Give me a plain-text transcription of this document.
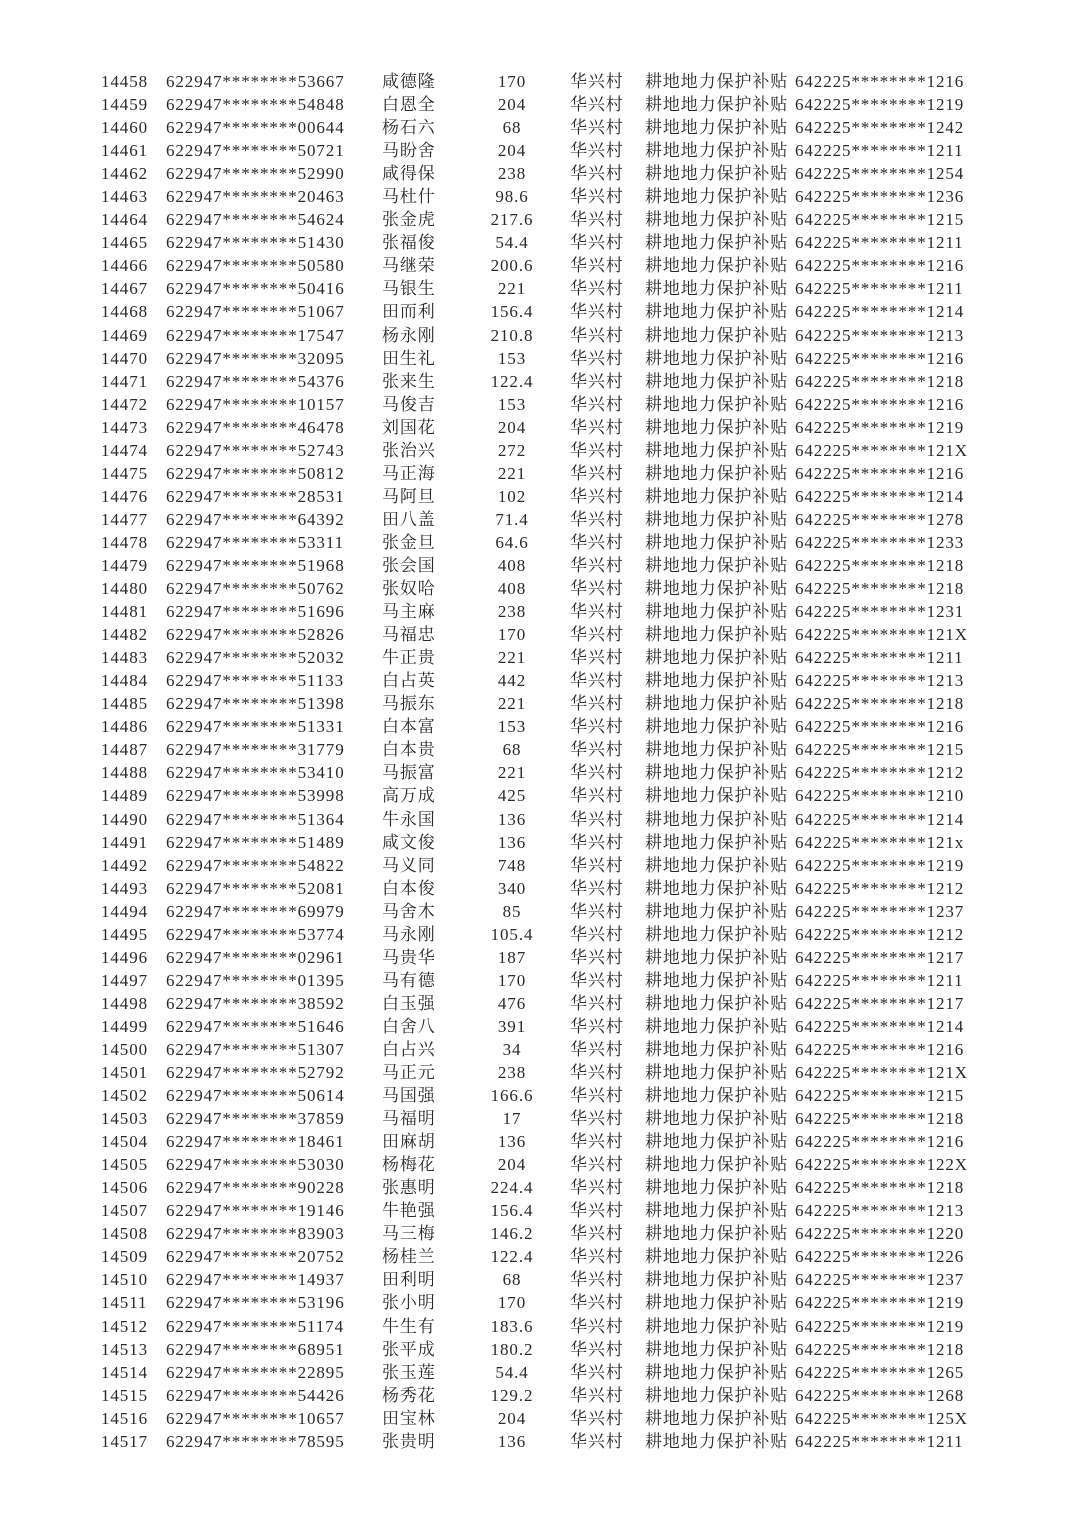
14458 622947********53667 咸德隆	170	华兴村 耕地地力保护补贴 642225********1216
14459 622947********54848 白恩全	204	华兴村 耕地地力保护补贴 642225********1219
14460 622947********00644 杨石六	68	华兴村 耕地地力保护补贴 642225********1242
14461 622947********50721 马盼舍	204	华兴村 耕地地力保护补贴 642225********1211
14462 622947********52990 咸得保	238	华兴村 耕地地力保护补贴 642225********1254
14463 622947********20463 马杜什	98.6	华兴村 耕地地力保护补贴 642225********1236
14464 622947********54624 张金虎	217.6	华兴村 耕地地力保护补贴 642225********1215
14465 622947********51430 张福俊	54.4	华兴村 耕地地力保护补贴 642225********1211
14466 622947********50580 马继荣	200.6	华兴村 耕地地力保护补贴 642225********1216
14467 622947********50416 马银生	221	华兴村 耕地地力保护补贴 642225********1211
14468 622947********51067 田而利	156.4	华兴村 耕地地力保护补贴 642225********1214
14469 622947********17547 杨永刚	210.8	华兴村 耕地地力保护补贴 642225********1213
14470 622947********32095 田生礼	153	华兴村 耕地地力保护补贴 642225********1216
14471 622947********54376 张来生	122.4	华兴村 耕地地力保护补贴 642225********1218
14472 622947********10157 马俊吉	153	华兴村 耕地地力保护补贴 642225********1216
14473 622947********46478 刘国花	204	华兴村 耕地地力保护补贴 642225********1219
14474 622947********52743 张治兴	272	华兴村 耕地地力保护补贴 642225********121X
14475 622947********50812 马正海	221	华兴村 耕地地力保护补贴 642225********1216
14476 622947********28531 马阿旦	102	华兴村 耕地地力保护补贴 642225********1214
14477 622947********64392 田八盖	71.4	华兴村 耕地地力保护补贴 642225********1278
14478 622947********53311 张金旦	64.6	华兴村 耕地地力保护补贴 642225********1233
14479 622947********51968 张会国	408	华兴村 耕地地力保护补贴 642225********1218
14480 622947********50762 张奴哈	408	华兴村 耕地地力保护补贴 642225********1218
14481 622947********51696 马主麻	238	华兴村 耕地地力保护补贴 642225********1231
14482 622947********52826 马福忠	170	华兴村 耕地地力保护补贴 642225********121X
14483 622947********52032 牛正贵	221	华兴村 耕地地力保护补贴 642225********1211
14484 622947********51133 白占英	442	华兴村 耕地地力保护补贴 642225********1213
14485 622947********51398 马振东	221	华兴村 耕地地力保护补贴 642225********1218
14486 622947********51331 白本富	153	华兴村 耕地地力保护补贴 642225********1216
14487 622947********31779 白本贵	68	华兴村 耕地地力保护补贴 642225********1215
14488 622947********53410 马振富	221	华兴村 耕地地力保护补贴 642225********1212
14489 622947********53998 高万成	425	华兴村 耕地地力保护补贴 642225********1210
14490 622947********51364 牛永国	136	华兴村 耕地地力保护补贴 642225********1214
14491 622947********51489 咸文俊	136	华兴村 耕地地力保护补贴 642225********121x
14492 622947********54822 马义同	748	华兴村 耕地地力保护补贴 642225********1219
14493 622947********52081 白本俊	340	华兴村 耕地地力保护补贴 642225********1212
14494 622947********69979 马舍木	85	华兴村 耕地地力保护补贴 642225********1237
14495 622947********53774 马永刚	105.4	华兴村 耕地地力保护补贴 642225********1212
14496 622947********02961 马贵华	187	华兴村 耕地地力保护补贴 642225********1217
14497 622947********01395 马有德	170	华兴村 耕地地力保护补贴 642225********1211
14498 622947********38592 白玉强	476	华兴村 耕地地力保护补贴 642225********1217
14499 622947********51646 白舍八	391	华兴村 耕地地力保护补贴 642225********1214
14500 622947********51307 白占兴	34	华兴村 耕地地力保护补贴 642225********1216
14501 622947********52792 马正元	238	华兴村 耕地地力保护补贴 642225********121X
14502 622947********50614 马国强	166.6	华兴村 耕地地力保护补贴 642225********1215
14503 622947********37859 马福明	17	华兴村 耕地地力保护补贴 642225********1218
14504 622947********18461 田麻胡	136	华兴村 耕地地力保护补贴 642225********1216
14505 622947********53030 杨梅花	204	华兴村 耕地地力保护补贴 642225********122X
14506 622947********90228 张惠明	224.4	华兴村 耕地地力保护补贴 642225********1218
14507 622947********19146 牛艳强	156.4	华兴村 耕地地力保护补贴 642225********1213
14508 622947********83903 马三梅	146.2	华兴村 耕地地力保护补贴 642225********1220
14509 622947********20752 杨桂兰	122.4	华兴村 耕地地力保护补贴 642225********1226
14510 622947********14937 田利明	68	华兴村 耕地地力保护补贴 642225********1237
14511 622947********53196 张小明	170	华兴村 耕地地力保护补贴 642225********1219
14512 622947********51174 牛生有	183.6	华兴村 耕地地力保护补贴 642225********1219
14513 622947********68951 张平成	180.2	华兴村 耕地地力保护补贴 642225********1218
14514 622947********22895 张玉莲	54.4	华兴村 耕地地力保护补贴 642225********1265
14515 622947********54426 杨秀花	129.2	华兴村 耕地地力保护补贴 642225********1268
14516 622947********10657 田宝林	204	华兴村 耕地地力保护补贴 642225********125X
14517 622947********78595 张贵明	136	华兴村 耕地地力保护补贴 642225********1211
